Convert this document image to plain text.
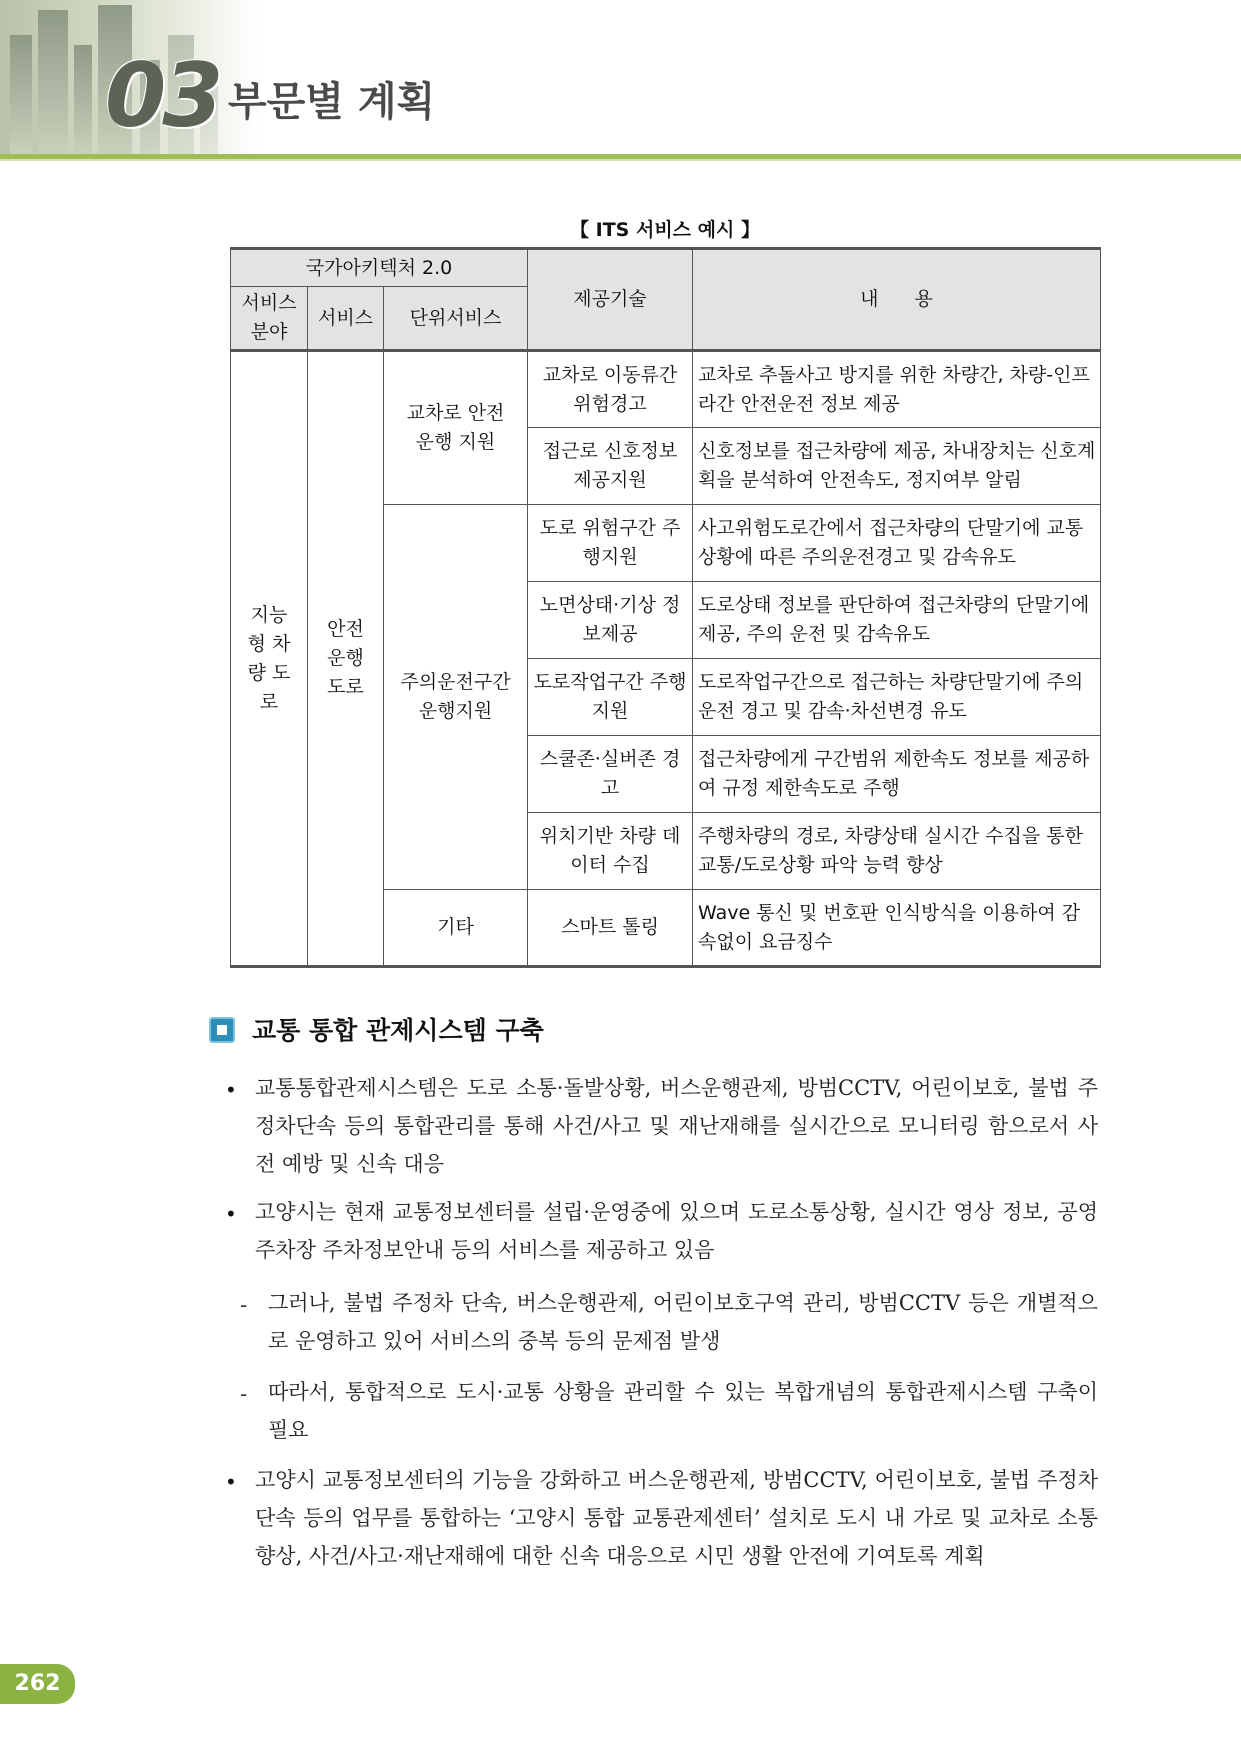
03 부문별 계획
【 ITS 서비스 예시 】
국가아키텍처 2.0			제공기술	내 용
서비스 분야	서비스	단위서비스		
지능형 차량 도로	안전 운행 도로	교차로 안전운행 지원	교차로 이동류간 위험경고	교차로 추돌사고 방지를 위한 차량간, 차량-인프라간 안전운전 정보 제공
			접근로 신호정보 제공지원	신호정보를 접근차량에 제공, 차내장치는 신호계획을 분석하여 안전속도, 정지여부 알림
		주의운전구간 운행지원	도로 위험구간 주행지원	사고위험도로간에서 접근차량의 단말기에 교통상황에 따른 주의운전경고 및 감속유도
			노면상태·기상 정보제공	도로상태 정보를 판단하여 접근차량의 단말기에 제공, 주의 운전 및 감속유도
			도로작업구간 주행지원	도로작업구간으로 접근하는 차량단말기에 주의운전 경고 및 감속·차선변경 유도
			스쿨존·실버존 경고	접근차량에게 구간범위 제한속도 정보를 제공하여 규정 제한속도로 주행
			위치기반 차량 데이터 수집	주행차량의 경로, 차량상태 실시간 수집을 통한 교통/도로상황 파악 능력 향상
		기타	스마트 톨링	Wave 통신 및 번호판 인식방식을 이용하여 감속없이 요금징수
교통 통합 관제시스템 구축
• 교통통합관제시스템은 도로 소통·돌발상황, 버스운행관제, 방범CCTV, 어린이보호, 불법 주정차단속 등의 통합관리를 통해 사건/사고 및 재난재해를 실시간으로 모니터링 함으로서 사전 예방 및 신속 대응
• 고양시는 현재 교통정보센터를 설립·운영중에 있으며 도로소통상황, 실시간 영상 정보, 공영주차장 주차정보안내 등의 서비스를 제공하고 있음
- 그러나, 불법 주정차 단속, 버스운행관제, 어린이보호구역 관리, 방범CCTV 등은 개별적으로 운영하고 있어 서비스의 중복 등의 문제점 발생
- 따라서, 통합적으로 도시·교통 상황을 관리할 수 있는 복합개념의 통합관제시스템 구축이 필요
• 고양시 교통정보센터의 기능을 강화하고 버스운행관제, 방범CCTV, 어린이보호, 불법 주정차단속 등의 업무를 통합하는 ‘고양시 통합 교통관제센터’ 설치로 도시 내 가로 및 교차로 소통 향상, 사건/사고·재난재해에 대한 신속 대응으로 시민 생활 안전에 기여토록 계획
262
